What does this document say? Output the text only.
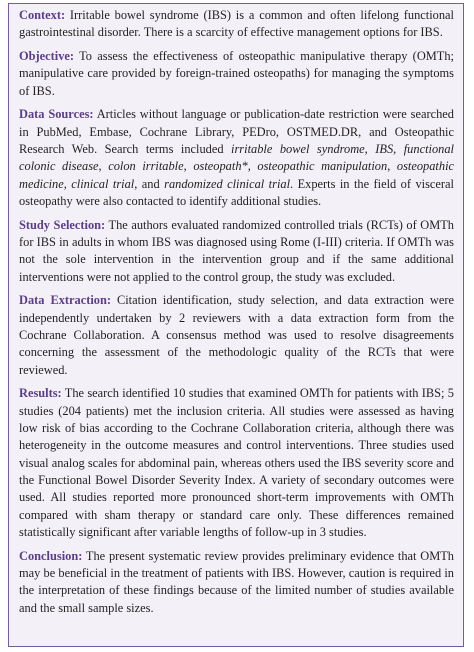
Context: Irritable bowel syndrome (IBS) is a common and often lifelong functional gastrointestinal disorder. There is a scarcity of effective management options for IBS.

Objective: To assess the effectiveness of osteopathic manipulative therapy (OMTh; manipulative care provided by foreign-trained osteopaths) for managing the symptoms of IBS.

Data Sources: Articles without language or publication-date restriction were searched in PubMed, Embase, Cochrane Library, PEDro, OSTMED.DR, and Osteopathic Research Web. Search terms included irritable bowel syndrome, IBS, functional colonic disease, colon irritable, osteopath*, osteopathic manipulation, osteopathic medicine, clinical trial, and randomized clinical trial. Experts in the field of visceral osteopathy were also contacted to identify additional studies.

Study Selection: The authors evaluated randomized controlled trials (RCTs) of OMTh for IBS in adults in whom IBS was diagnosed using Rome (I-III) criteria. If OMTh was not the sole intervention in the intervention group and if the same additional interventions were not applied to the control group, the study was excluded.

Data Extraction: Citation identification, study selection, and data extraction were independently undertaken by 2 reviewers with a data extraction form from the Cochrane Collaboration. A consensus method was used to resolve disagreements concerning the assessment of the methodologic quality of the RCTs that were reviewed.

Results: The search identified 10 studies that examined OMTh for patients with IBS; 5 studies (204 patients) met the inclusion criteria. All studies were assessed as having low risk of bias according to the Cochrane Collaboration criteria, although there was heterogeneity in the outcome measures and control interventions. Three studies used visual analog scales for abdominal pain, whereas others used the IBS severity score and the Functional Bowel Disorder Severity Index. A variety of secondary outcomes were used. All studies reported more pronounced short-term improvements with OMTh compared with sham therapy or standard care only. These differences remained statistically significant after variable lengths of follow-up in 3 studies.

Conclusion: The present systematic review provides preliminary evidence that OMTh may be beneficial in the treatment of patients with IBS. However, caution is required in the interpretation of these findings because of the limited number of studies available and the small sample sizes.
